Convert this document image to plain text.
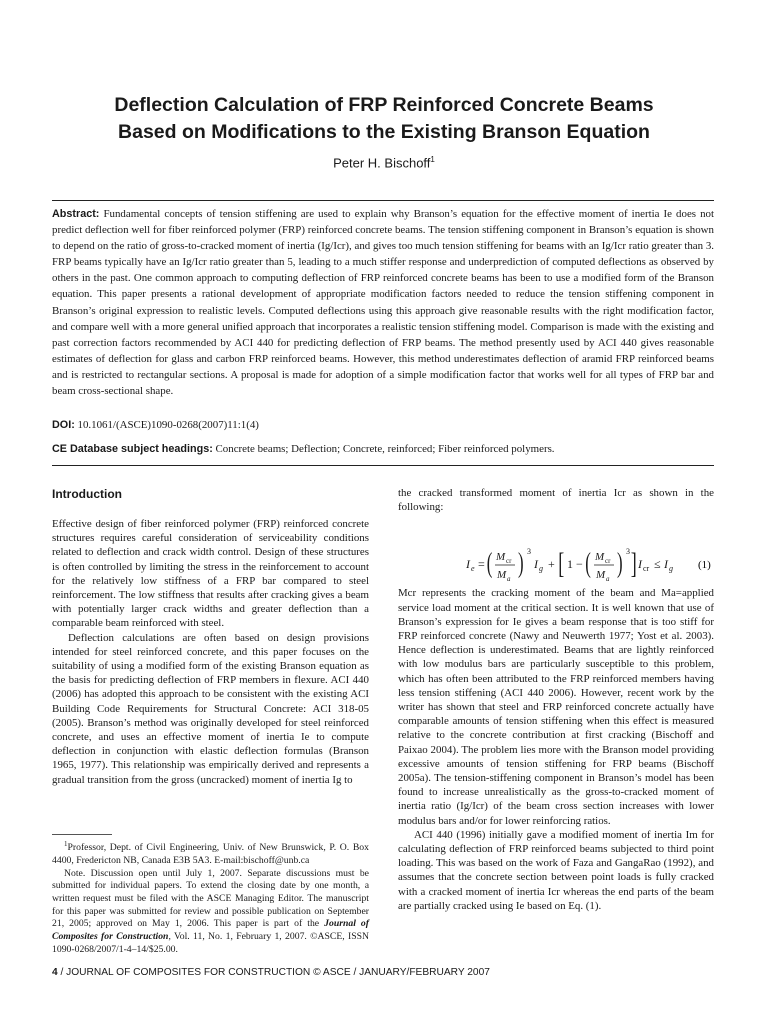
Deflection Calculation of FRP Reinforced Concrete Beams
Based on Modifications to the Existing Branson Equation
Peter H. Bischoff$^1$
Abstract: Fundamental concepts of tension stiffening are used to explain why Branson’s equation for the effective moment of inertia Ie does not predict deflection well for fiber reinforced polymer (FRP) reinforced concrete beams. The tension stiffening component in Branson’s equation is shown to depend on the ratio of gross-to-cracked moment of inertia (Ig/Icr), and gives too much tension stiffening for beams with an Ig/Icr ratio greater than 3. FRP beams typically have an Ig/Icr ratio greater than 5, leading to a much stiffer response and underprediction of computed deflections as observed by others in the past. One common approach to computing deflection of FRP reinforced concrete beams has been to use a modified form of the Branson equation. This paper presents a rational development of appropriate modification factors needed to reduce the tension stiffening component in Branson’s original expression to realistic levels. Computed deflections using this approach give reasonable results with the right modification factor, and compare well with a more general unified approach that incorporates a realistic tension stiffening model. Comparison is made with the existing and past correction factors recommended by ACI 440 for predicting deflection of FRP beams. The method presently used by ACI 440 gives reasonable estimates of deflection for glass and carbon FRP reinforced beams. However, this method underestimates deflection of aramid FRP reinforced beams and is restricted to rectangular sections. A proposal is made for adoption of a simple modification factor that works well for all types of FRP bar and beam cross-sectional shape.
DOI: 10.1061/(ASCE)1090-0268(2007)11:1(4)
CE Database subject headings: Concrete beams; Deflection; Concrete, reinforced; Fiber reinforced polymers.
Introduction

Effective design of fiber reinforced polymer (FRP) reinforced concrete structures requires careful consideration of serviceability conditions related to deflection and crack width control. Design of these structures is often controlled by limiting the stress in the reinforcement to account for the relatively low stiffness of a FRP bar compared to steel reinforcement. The low stiffness that results after cracking gives a beam with potentially larger crack widths and greater deflection than a comparable beam reinforced with steel.

Deflection calculations are often based on design provisions intended for steel reinforced concrete, and this paper focuses on the suitability of using a modified form of the existing Branson equation as the basis for predicting deflection of FRP members in flexure. ACI 440 (2006) has adopted this approach to be consistent with the existing ACI Building Code Requirements for Structural Concrete: ACI 318-05 (2005). Branson’s method was originally developed for steel reinforced concrete, and uses an effective moment of inertia Ie to compute deflection in conjunction with elastic deflection formulas (Branson 1965, 1977). This relationship was empirically derived and represents a gradual transition from the gross (uncracked) moment of inertia Ig to

the cracked transformed moment of inertia Icr as shown in the following:

Mcr represents the cracking moment of the beam and Ma=applied service load moment at the critical section. It is well known that use of Branson’s expression for Ie gives a beam response that is too stiff for FRP reinforced concrete (Nawy and Neuwerth 1977; Yost et al. 2003). Hence deflection is underestimated. Beams that are lightly reinforced with low modulus bars are particularly susceptible to this problem, which has often been attributed to the FRP reinforced members having less tension stiffening (ACI 440 2006). However, recent work by the writer has shown that steel and FRP reinforced concrete actually have comparable amounts of tension stiffening when this effect is measured relative to the concrete contribution at first cracking (Bischoff and Paixao 2004). The problem lies more with the Branson model providing excessive amounts of tension stiffening for FRP beams (Bischoff 2005a). The tension-stiffening component in Branson’s model has been found to increase unrealistically as the gross-to-cracked moment of inertia ratio (Ig/Icr) of the beam cross section increases with lower modulus bars and/or for lower reinforcing ratios.

ACI 440 (1996) initially gave a modified moment of inertia Im for calculating deflection of FRP reinforced beams subjected to third point loading. This was based on the work of Faza and GangaRao (1992), and assumes that the concrete section between point loads is fully cracked with a cracked moment of inertia Icr whereas the end parts of the beam are partially cracked using Ie based on Eq. (1).

I e = ( M cr
M a
) 3
I g + [ 1 − ( M cr
M a
) 3 ] I cr ≤ I g (1)

$^1$Professor, Dept. of Civil Engineering, Univ. of New Brunswick, P. O. Box 4400, Fredericton NB, Canada E3B 5A3. E-mail:bischoff@unb.ca

Note. Discussion open until July 1, 2007. Separate discussions must be submitted for individual papers. To extend the closing date by one month, a written request must be filed with the ASCE Managing Editor. The manuscript for this paper was submitted for review and possible publication on September 21, 2005; approved on May 1, 2006. This paper is part of the Journal of Composites for Construction, Vol. 11, No. 1, February 1, 2007. ©ASCE, ISSN 1090-0268/2007/1-4–14/$25.00.

4 / JOURNAL OF COMPOSITES FOR CONSTRUCTION © ASCE / JANUARY/FEBRUARY 2007
